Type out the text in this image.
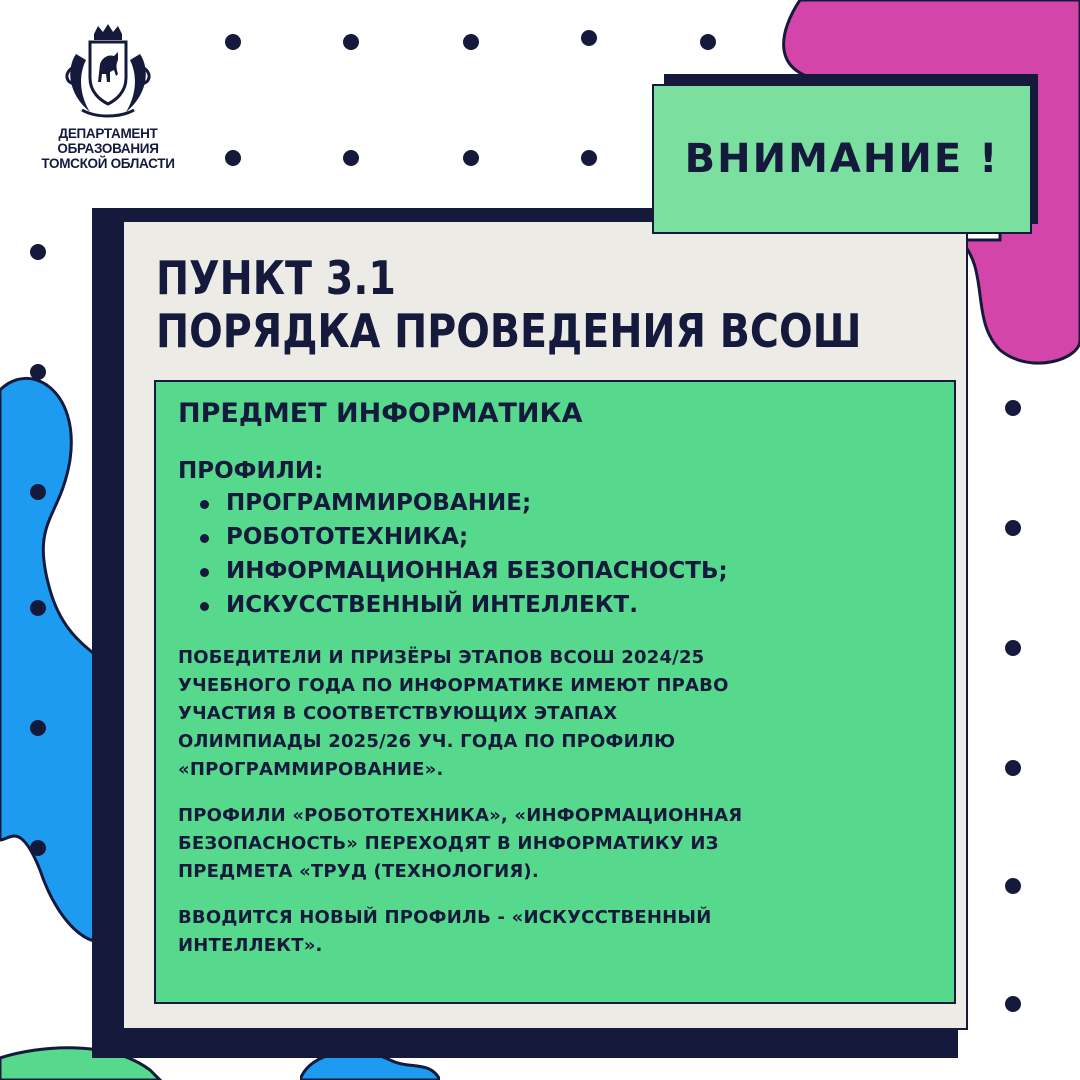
ДЕПАРТАМЕНТ
ОБРАЗОВАНИЯ
ТОМСКОЙ ОБЛАСТИ
ПУНКТ 3.1
ПОРЯДКА ПРОВЕДЕНИЯ ВСОШ
ПРЕДМЕТ ИНФОРМАТИКА
ПРОФИЛИ:
ПРОГРАММИРОВАНИЕ;
РОБОТОТЕХНИКА;
ИНФОРМАЦИОННАЯ БЕЗОПАСНОСТЬ;
ИСКУССТВЕННЫЙ ИНТЕЛЛЕКТ.

ПОБЕДИТЕЛИ И ПРИЗЁРЫ ЭТАПОВ ВСОШ 2024/25
УЧЕБНОГО ГОДА ПО ИНФОРМАТИКЕ ИМЕЮТ ПРАВО
УЧАСТИЯ В СООТВЕТСТВУЮЩИХ ЭТАПАХ
ОЛИМПИАДЫ 2025/26 УЧ. ГОДА ПО ПРОФИЛЮ
«ПРОГРАММИРОВАНИЕ».

ПРОФИЛИ «РОБОТОТЕХНИКА», «ИНФОРМАЦИОННАЯ
БЕЗОПАСНОСТЬ» ПЕРЕХОДЯТ В ИНФОРМАТИКУ ИЗ
ПРЕДМЕТА «ТРУД (ТЕХНОЛОГИЯ).

ВВОДИТСЯ НОВЫЙ ПРОФИЛЬ - «ИСКУССТВЕННЫЙ
ИНТЕЛЛЕКТ».

ВНИМАНИЕ !
